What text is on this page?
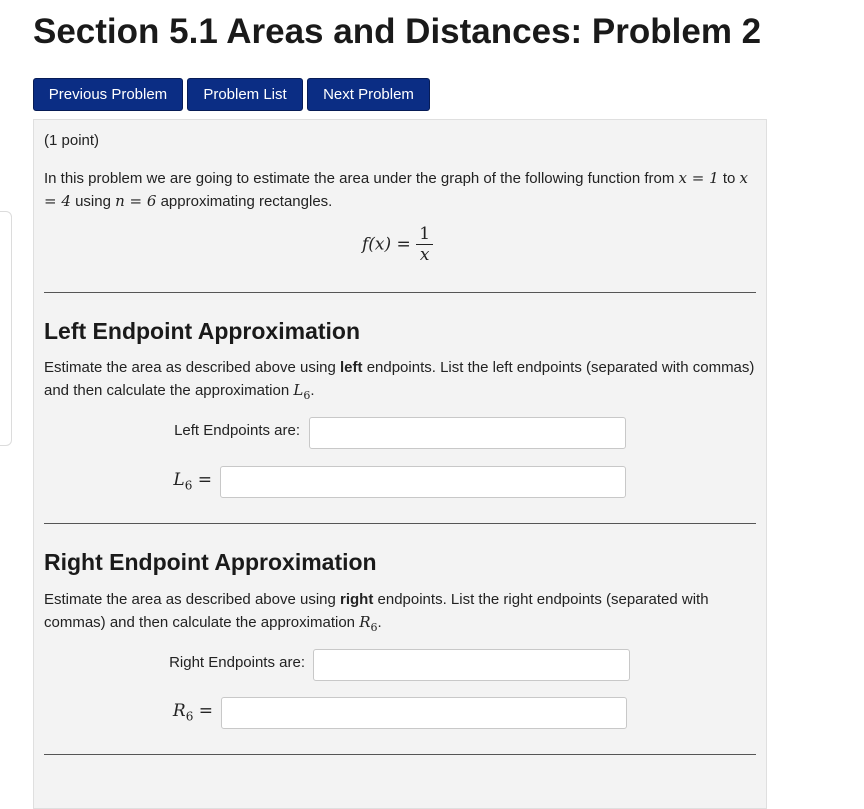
Section 5.1 Areas and Distances: Problem 2
Previous Problem	Problem List	Next Problem

(1 point)

In this problem we are going to estimate the area under the graph of the following function from x = 1 to x = 4 using n = 6 approximating rectangles.

$f(x) = \frac{1}{x}$
Left Endpoint Approximation

Estimate the area as described above using left endpoints. List the left endpoints (separated with commas) and then calculate the approximation $L_6$.

Left Endpoints are:
$L_6$ =
Right Endpoint Approximation

Estimate the area as described above using right endpoints. List the right endpoints (separated with commas) and then calculate the approximation $R_6$.

Right Endpoints are:
$R_6$ =
